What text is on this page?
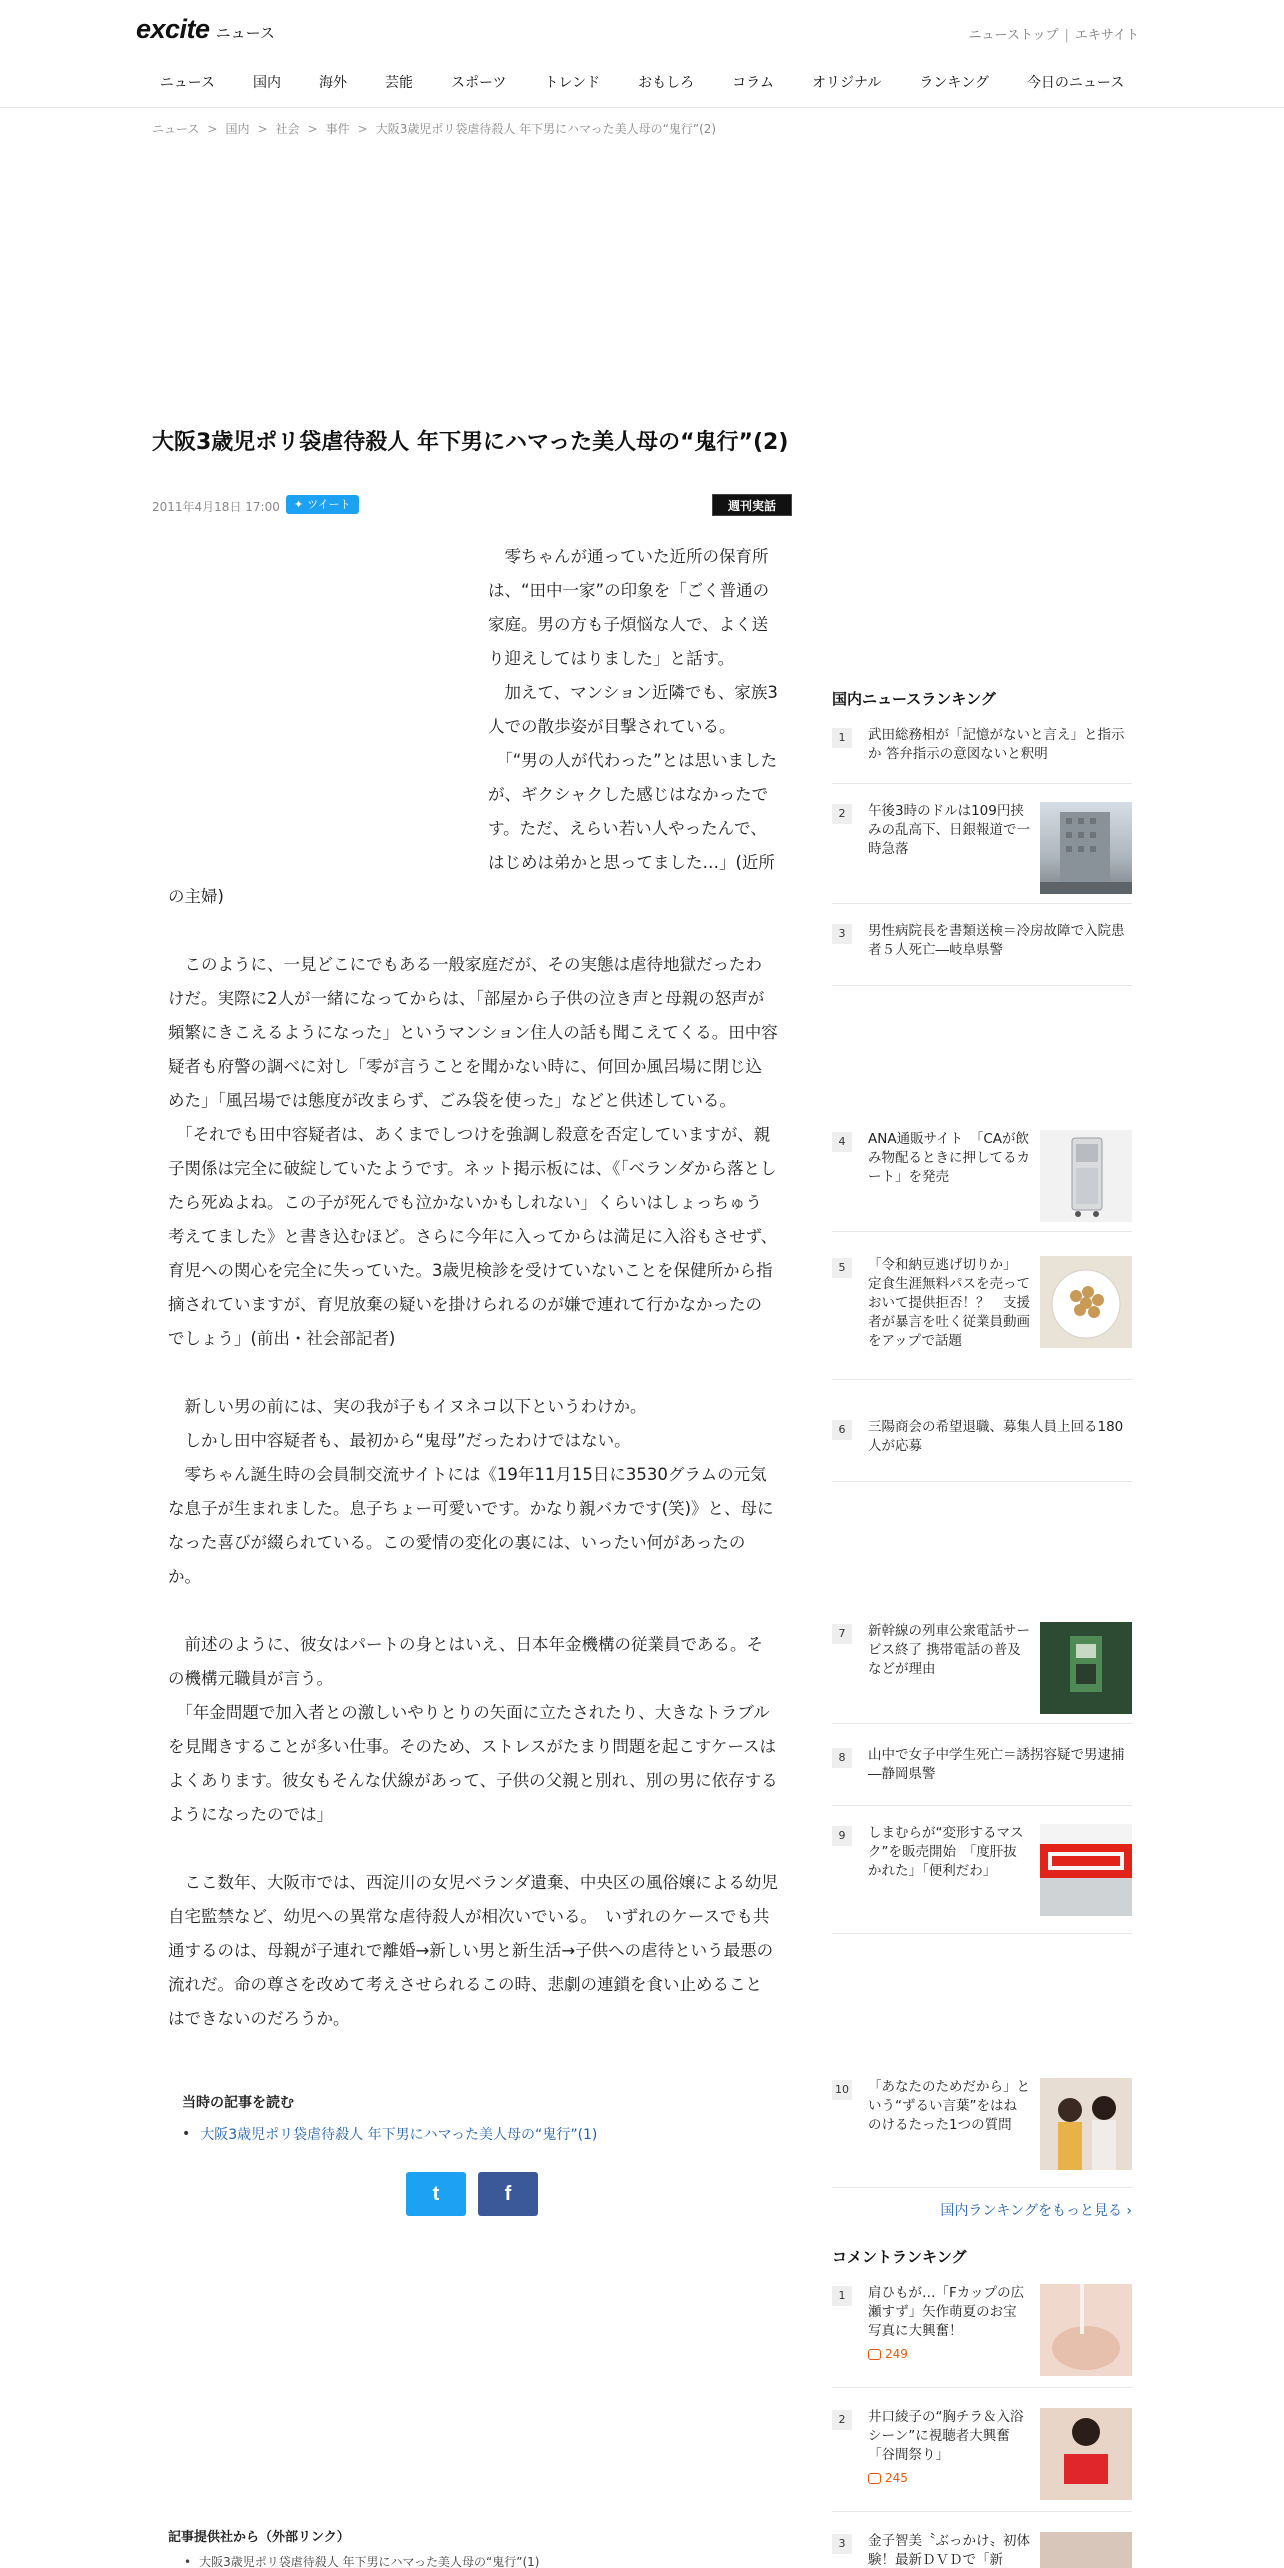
excite ニュース	ニューストップ | エキサイト
ニュース	国内	海外	芸能	スポーツ	トレンド	おもしろ	コラム	オリジナル	ランキング	今日のニュース
ニュース > 国内 > 社会 > 事件 > 大阪3歳児ポリ袋虐待殺人 年下男にハマった美人母の“鬼行”(2)
大阪3歳児ポリ袋虐待殺人 年下男にハマった美人母の“鬼行”(2)
2011年4月18日 17:00 ✦ ツイート	週刊実話

　零ちゃんが通っていた近所の保育所は、“田中一家”の印象を「ごく普通の家庭。男の方も子煩悩な人で、よく送り迎えしてはりました」と話す。

　加えて、マンション近隣でも、家族3人での散歩姿が目撃されている。

　「“男の人が代わった”とは思いましたが、ギクシャクした感じはなかったです。ただ、えらい若い人やったんで、はじめは弟かと思ってました…」(近所の主婦)

　このように、一見どこにでもある一般家庭だが、その実態は虐待地獄だったわけだ。実際に2人が一緒になってからは、「部屋から子供の泣き声と母親の怒声が頻繁にきこえるようになった」というマンション住人の話も聞こえてくる。田中容疑者も府警の調べに対し「零が言うことを聞かない時に、何回か風呂場に閉じ込めた」「風呂場では態度が改まらず、ごみ袋を使った」などと供述している。

　「それでも田中容疑者は、あくまでしつけを強調し殺意を否定していますが、親子関係は完全に破綻していたようです。ネット掲示板には、《「ベランダから落としたら死ぬよね。この子が死んでも泣かないかもしれない」くらいはしょっちゅう考えてました》と書き込むほど。さらに今年に入ってからは満足に入浴もさせず、育児への関心を完全に失っていた。3歳児検診を受けていないことを保健所から指摘されていますが、育児放棄の疑いを掛けられるのが嫌で連れて行かなかったのでしょう」(前出・社会部記者)

　新しい男の前には、実の我が子もイヌネコ以下というわけか。

　しかし田中容疑者も、最初から“鬼母”だったわけではない。

　零ちゃん誕生時の会員制交流サイトには《19年11月15日に3530グラムの元気な息子が生まれました。息子ちょー可愛いです。かなり親バカです(笑)》と、母になった喜びが綴られている。この愛情の変化の裏には、いったい何があったのか。

　前述のように、彼女はパートの身とはいえ、日本年金機構の従業員である。その機構元職員が言う。

　「年金問題で加入者との激しいやりとりの矢面に立たされたり、大きなトラブルを見聞きすることが多い仕事。そのため、ストレスがたまり問題を起こすケースはよくあります。彼女もそんな伏線があって、子供の父親と別れ、別の男に依存するようになったのでは」

　ここ数年、大阪市では、西淀川の女児ベランダ遺棄、中央区の風俗嬢による幼児自宅監禁など、幼児への異常な虐待殺人が相次いでいる。　いずれのケースでも共通するのは、母親が子連れで離婚→新しい男と新生活→子供への虐待という最悪の流れだ。命の尊さを改めて考えさせられるこの時、悲劇の連鎖を食い止めることはできないのだろうか。

当時の記事を読む
• 大阪3歳児ポリ袋虐待殺人 年下男にハマった美人母の“鬼行”(1)
t	f
記事提供社から（外部リンク）
• 大阪3歳児ポリ袋虐待殺人 年下男にハマった美人母の“鬼行”(1)
国内ニュースランキング
1	武田総務相が「記憶がないと言え」と指示か 答弁指示の意図ないと釈明
2	午後3時のドルは109円挟みの乱高下、日銀報道で一時急落
3	男性病院長を書類送検＝冷房故障で入院患者５人死亡―岐阜県警
4	ANA通販サイト　「CAが飲み物配るときに押してるカート」を発売
5	「令和納豆逃げ切りか」　定食生涯無料パスを売っておいて提供拒否！？　支援者が暴言を吐く従業員動画をアップで話題
6	三陽商会の希望退職、募集人員上回る180人が応募
7	新幹線の列車公衆電話サービス終了 携帯電話の普及などが理由
8	山中で女子中学生死亡＝誘拐容疑で男逮捕―静岡県警
9	しまむらが“変形するマスク”を販売開始　「度肝抜かれた」「便利だわ」
10 「あなたのためだから」という“ずるい言葉”をはねのけるたった1つの質問
国内ランキングをもっと見る ›
コメントランキング
1	肩ひもが…「Fカップの広瀬すず」矢作萌夏のお宝写真に大興奮！
249
2	井口綾子の“胸チラ＆入浴シーン”に視聴者大興奮「谷間祭り」
245
3	金子智美〝ぶっかけ〟初体験！最新ＤＶＤで「新
